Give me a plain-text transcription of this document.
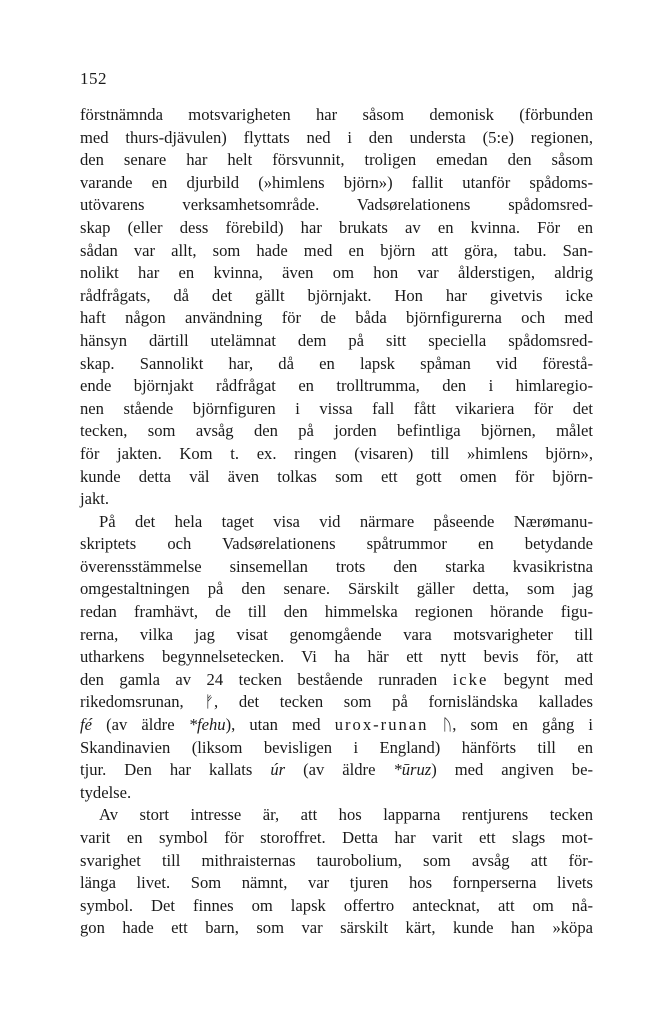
152
förstnämnda motsvarigheten har såsom demonisk (förbunden
med thurs-djävulen) flyttats ned i den understa (5:e) regionen,
den senare har helt försvunnit, troligen emedan den såsom
varande en djurbild (»himlens björn») fallit utanför spådoms-
utövarens verksamhetsområde. Vadsørelationens spådomsred-
skap (eller dess förebild) har brukats av en kvinna. För en
sådan var allt, som hade med en björn att göra, tabu. San-
nolikt har en kvinna, även om hon var ålderstigen, aldrig
rådfrågats, då det gällt björnjakt. Hon har givetvis icke
haft någon användning för de båda björnfigurerna och med
hänsyn därtill utelämnat dem på sitt speciella spådomsred-
skap. Sannolikt har, då en lapsk spåman vid förestå-
ende björnjakt rådfrågat en trolltrumma, den i himlaregio-
nen stående björnfiguren i vissa fall fått vikariera för det
tecken, som avsåg den på jorden befintliga björnen, målet
för jakten. Kom t. ex. ringen (visaren) till »himlens björn»,
kunde detta väl även tolkas som ett gott omen för björn-
jakt.
På det hela taget visa vid närmare påseende Nærømanu-
skriptets och Vadsørelationens spåtrummor en betydande
överensstämmelse sinsemellan trots den starka kvasikristna
omgestaltningen på den senare. Särskilt gäller detta, som jag
redan framhävt, de till den himmelska regionen hörande figu-
rerna, vilka jag visat genomgående vara motsvarigheter till
utharkens begynnelsetecken. Vi ha här ett nytt bevis för, att
den gamla av 24 tecken bestående runraden icke begynt med
rikedomsrunan, ᚠ, det tecken som på fornisländska kallades
fé (av äldre *fehu), utan med urox-runan ᚢ, som en gång i
Skandinavien (liksom bevisligen i England) hänförts till en
tjur. Den har kallats úr (av äldre *ūruz) med angiven be-
tydelse.
Av stort intresse är, att hos lapparna rentjurens tecken
varit en symbol för storoffret. Detta har varit ett slags mot-
svarighet till mithraisternas taurobolium, som avsåg att för-
länga livet. Som nämnt, var tjuren hos fornperserna livets
symbol. Det finnes om lapsk offertro antecknat, att om nå-
gon hade ett barn, som var särskilt kärt, kunde han »köpa
